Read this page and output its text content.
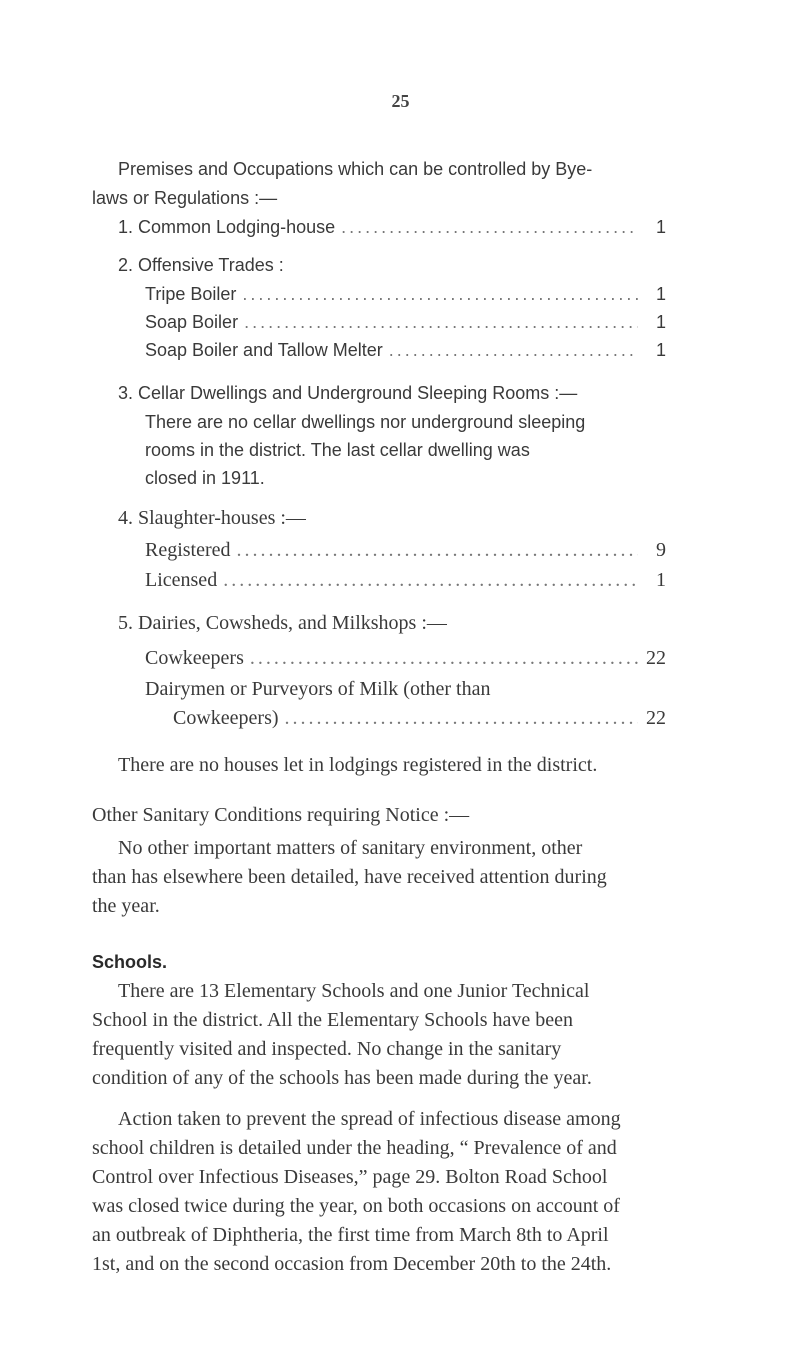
25
Premises and Occupations which can be controlled by Bye-
laws or Regulations :—
1. Common Lodging-house .....	1
2. Offensive Trades :
Tripe Boiler .....	1
Soap Boiler .....	1
Soap Boiler and Tallow Melter .....	1
3. Cellar Dwellings and Underground Sleeping Rooms :—
There are no cellar dwellings nor underground sleeping
rooms in the district. The last cellar dwelling was
closed in 1911.
4. Slaughter-houses :—
Registered .....	9
Licensed .....	1
5. Dairies, Cowsheds, and Milkshops :—
Cowkeepers .....	22
Dairymen or Purveyors of Milk (other than
Cowkeepers) .....	22
There are no houses let in lodgings registered in the district.
Other Sanitary Conditions requiring Notice :—
No other important matters of sanitary environment, other
than has elsewhere been detailed, have received attention during
the year.
Schools.
There are 13 Elementary Schools and one Junior Technical
School in the district. All the Elementary Schools have been
frequently visited and inspected. No change in the sanitary
condition of any of the schools has been made during the year.
Action taken to prevent the spread of infectious disease among
school children is detailed under the heading, “ Prevalence of and
Control over Infectious Diseases,” page 29. Bolton Road School
was closed twice during the year, on both occasions on account of
an outbreak of Diphtheria, the first time from March 8th to April
1st, and on the second occasion from December 20th to the 24th.
